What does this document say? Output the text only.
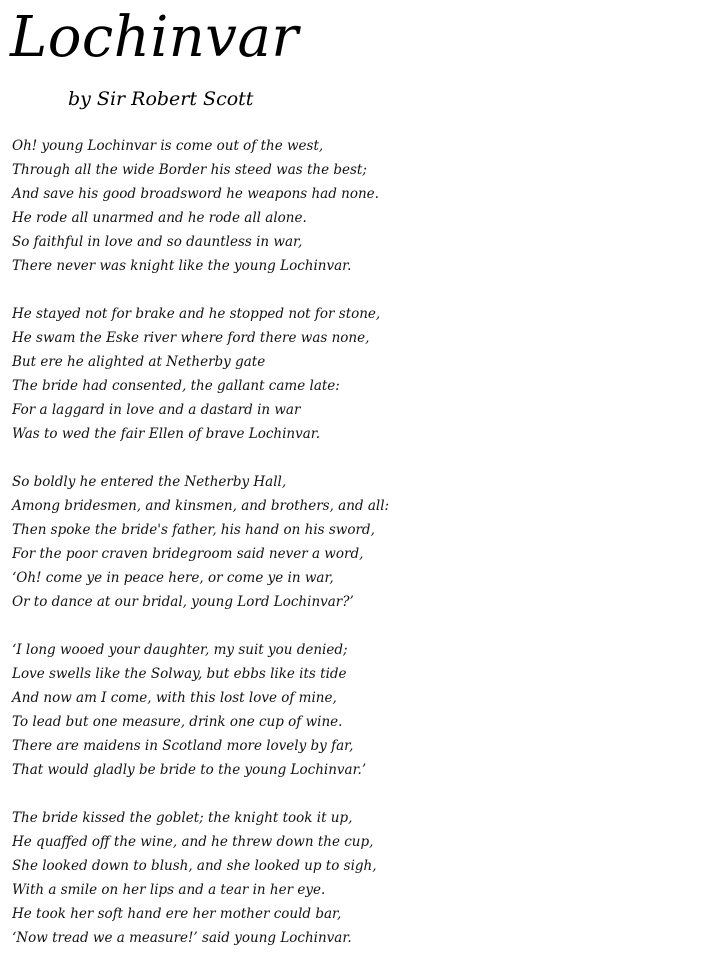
Lochinvar
by Sir Robert Scott
Oh! young Lochinvar is come out of the west,
Through all the wide Border his steed was the best;
And save his good broadsword he weapons had none.
He rode all unarmed and he rode all alone.
So faithful in love and so dauntless in war,
There never was knight like the young Lochinvar.
He stayed not for brake and he stopped not for stone,
He swam the Eske river where ford there was none,
But ere he alighted at Netherby gate
The bride had consented, the gallant came late:
For a laggard in love and a dastard in war
Was to wed the fair Ellen of brave Lochinvar.
So boldly he entered the Netherby Hall,
Among bridesmen, and kinsmen, and brothers, and all:
Then spoke the bride's father, his hand on his sword,
For the poor craven bridegroom said never a word,
‘Oh! come ye in peace here, or come ye in war,
Or to dance at our bridal, young Lord Lochinvar?’
‘I long wooed your daughter, my suit you denied;
Love swells like the Solway, but ebbs like its tide
And now am I come, with this lost love of mine,
To lead but one measure, drink one cup of wine.
There are maidens in Scotland more lovely by far,
That would gladly be bride to the young Lochinvar.’
The bride kissed the goblet; the knight took it up,
He quaffed off the wine, and he threw down the cup,
She looked down to blush, and she looked up to sigh,
With a smile on her lips and a tear in her eye.
He took her soft hand ere her mother could bar,
‘Now tread we a measure!’ said young Lochinvar.
